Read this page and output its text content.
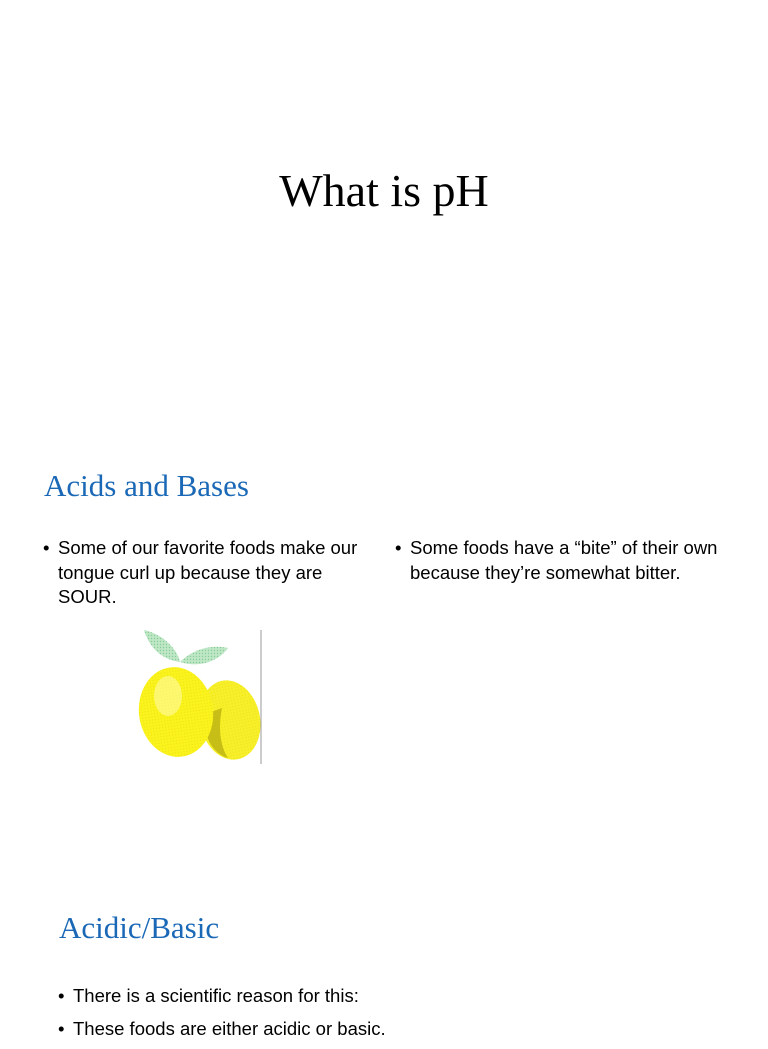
What is pH
Acids and Bases
• Some of our favorite foods make our tongue curl up because they are SOUR.
• Some foods have a “bite” of their own because they’re somewhat bitter.
Acidic/Basic
• There is a scientific reason for this:
• These foods are either acidic or basic.
